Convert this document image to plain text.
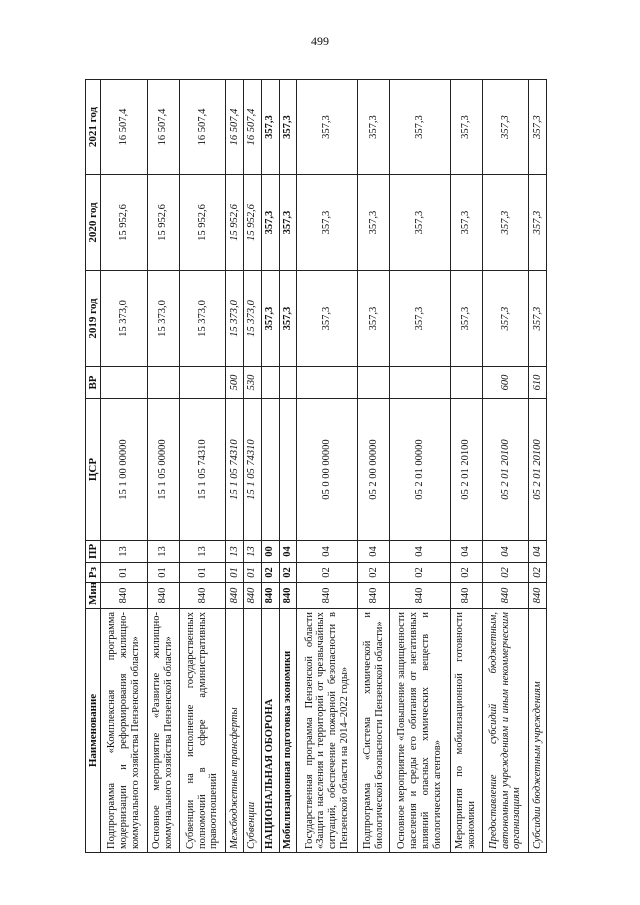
499
Наименование	Мин	Рз	ПР	ЦСР	ВР	2019 год	2020 год	2021 год
Подпрограмма «Комплексная программа модернизации и реформирования жилищно-коммунального хозяйства Пензенской области»	840	01	13	15 1 00 00000		15 373,0	15 952,6	16 507,4
Основное мероприятие «Развитие жилищно-коммунального хозяйства Пензенской области»	840	01	13	15 1 05 00000		15 373,0	15 952,6	16 507,4
Субвенции на исполнение государственных полномочий в сфере административных правоотношений	840	01	13	15 1 05 74310		15 373,0	15 952,6	16 507,4
Межбюджетные трансферты	840	01	13	15 1 05 74310	500	15 373,0	15 952,6	16 507,4
Субвенции	840	01	13	15 1 05 74310	530	15 373,0	15 952,6	16 507,4
НАЦИОНАЛЬНАЯ ОБОРОНА	840	02	00			357,3	357,3	357,3
Мобилизационная подготовка экономики	840	02	04			357,3	357,3	357,3
Государственная программа Пензенской области «Защита населения и территорий от чрезвычайных ситуаций, обеспечение пожарной безопасности в Пензенской области на 2014–2022 годы»	840	02	04	05 0 00 00000		357,3	357,3	357,3
Подпрограмма «Система химической и биологической безопасности Пензенской области»	840	02	04	05 2 00 00000		357,3	357,3	357,3
Основное мероприятие «Повышение защищенности населения и среды его обитания от негативных влияний опасных химических веществ и биологических агентов»	840	02	04	05 2 01 00000		357,3	357,3	357,3
Мероприятия по мобилизационной готовности экономики	840	02	04	05 2 01 20100		357,3	357,3	357,3
Предоставление субсидий бюджетным, автономным учреждениям и иным некоммерческим организациям	840	02	04	05 2 01 20100	600	357,3	357,3	357,3
Субсидии бюджетным учреждениям	840	02	04	05 2 01 20100	610	357,3	357,3	357,3
